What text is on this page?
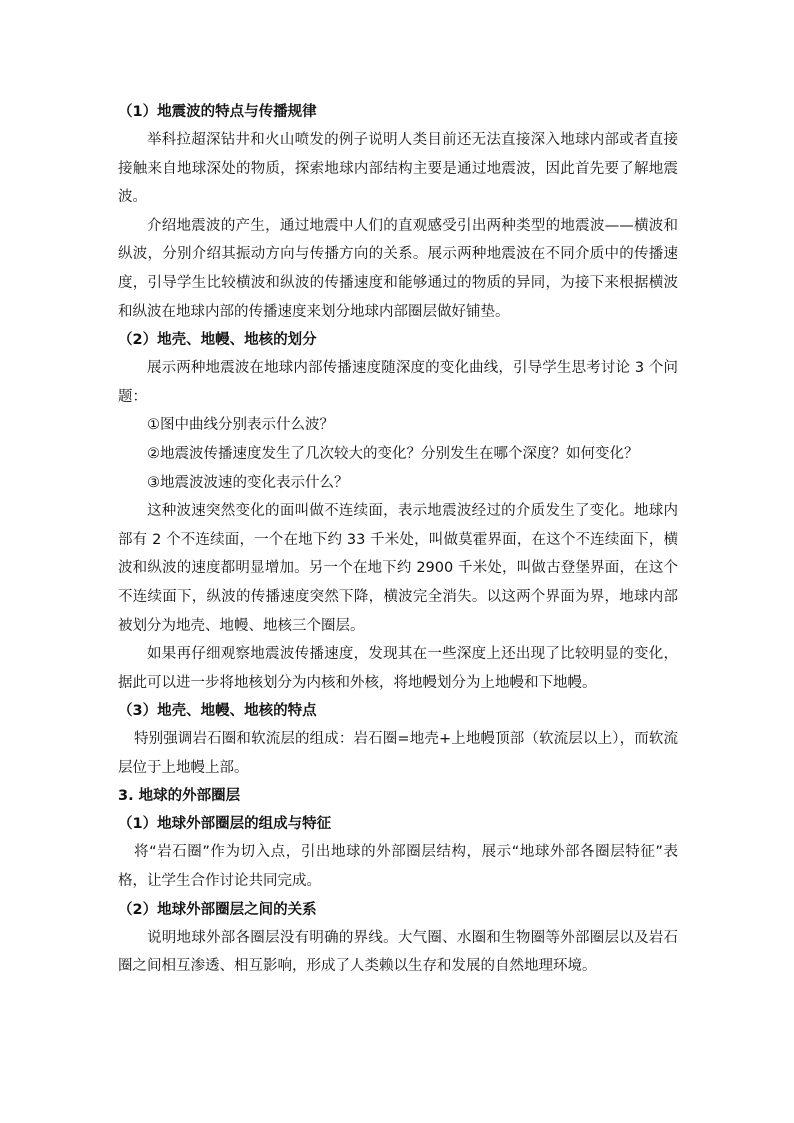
（1）地震波的特点与传播规律

举科拉超深钻井和火山喷发的例子说明人类目前还无法直接深入地球内部或者直接接触来自地球深处的物质，探索地球内部结构主要是通过地震波，因此首先要了解地震波。

介绍地震波的产生，通过地震中人们的直观感受引出两种类型的地震波——横波和纵波，分别介绍其振动方向与传播方向的关系。展示两种地震波在不同介质中的传播速度，引导学生比较横波和纵波的传播速度和能够通过的物质的异同，为接下来根据横波和纵波在地球内部的传播速度来划分地球内部圈层做好铺垫。

（2）地壳、地幔、地核的划分

展示两种地震波在地球内部传播速度随深度的变化曲线，引导学生思考讨论 3 个问题：

①图中曲线分别表示什么波？

②地震波传播速度发生了几次较大的变化？分别发生在哪个深度？如何变化？

③地震波波速的变化表示什么？

这种波速突然变化的面叫做不连续面，表示地震波经过的介质发生了变化。地球内部有 2 个不连续面，一个在地下约 33 千米处，叫做莫霍界面，在这个不连续面下，横波和纵波的速度都明显增加。另一个在地下约 2900 千米处，叫做古登堡界面，在这个不连续面下，纵波的传播速度突然下降，横波完全消失。以这两个界面为界，地球内部被划分为地壳、地幔、地核三个圈层。

如果再仔细观察地震波传播速度，发现其在一些深度上还出现了比较明显的变化，据此可以进一步将地核划分为内核和外核，将地幔划分为上地幔和下地幔。

（3）地壳、地幔、地核的特点

特别强调岩石圈和软流层的组成：岩石圈=地壳+上地幔顶部（软流层以上），而软流层位于上地幔上部。

3. 地球的外部圈层

（1）地球外部圈层的组成与特征

将“岩石圈”作为切入点，引出地球的外部圈层结构，展示“地球外部各圈层特征”表格，让学生合作讨论共同完成。

（2）地球外部圈层之间的关系

说明地球外部各圈层没有明确的界线。大气圈、水圈和生物圈等外部圈层以及岩石圈之间相互渗透、相互影响，形成了人类赖以生存和发展的自然地理环境。
